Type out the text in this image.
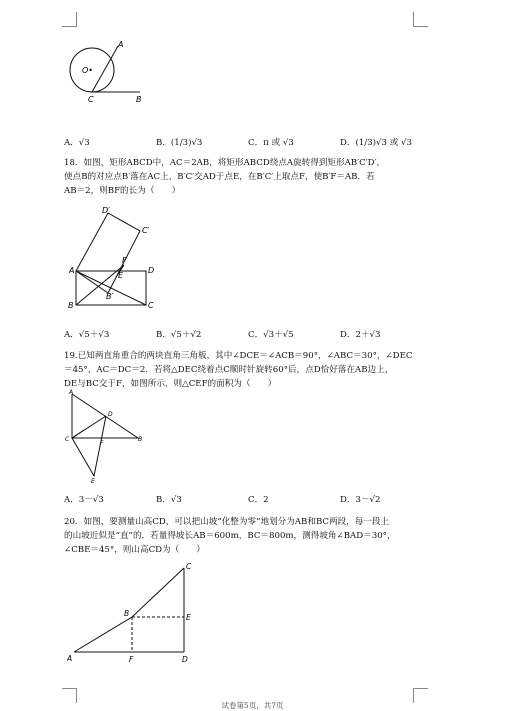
A
O•
C	B
A．√3	B．(1/3)√3	C．π 或 √3	D．(1/3)√3 或 √3
18．如图，矩形ABCD中，AC＝2AB，将矩形ABCD绕点A旋转得到矩形AB′C′D′，
使点B的对应点B′落在AC上，B′C′交AD于点E，在B′C′上取点F，使B′F＝AB．若
AB＝2，则BF的长为（　　）
D′
C′
A
F
E
D
B′
B	C
A．√5＋√3	B．√5＋√2	C．√3＋√5	D．2＋√3
19.已知两直角重合的两块直角三角板，其中∠DCE＝∠ACB＝90°，∠ABC＝30°，∠DEC
＝45°，AC＝DC＝2．若将△DEC绕着点C顺时针旋转60°后，点D恰好落在AB边上，
DE与BC交于F，如图所示，则△CEF的面积为（　　）
A
D
C
F
B
E
A．3－√3	B．√3	C．2	D．3－√2
20．如图，要测量山高CD，可以把山坡“化整为零”地划分为AB和BC两段，每一段上
的山坡近似是“直”的．若量得坡长AB＝600m，BC＝800m，测得坡角∠BAD＝30°，
∠CBE＝45°，则山高CD为（　　）
C
B	E
A	F	D
试卷第5页，共7页
